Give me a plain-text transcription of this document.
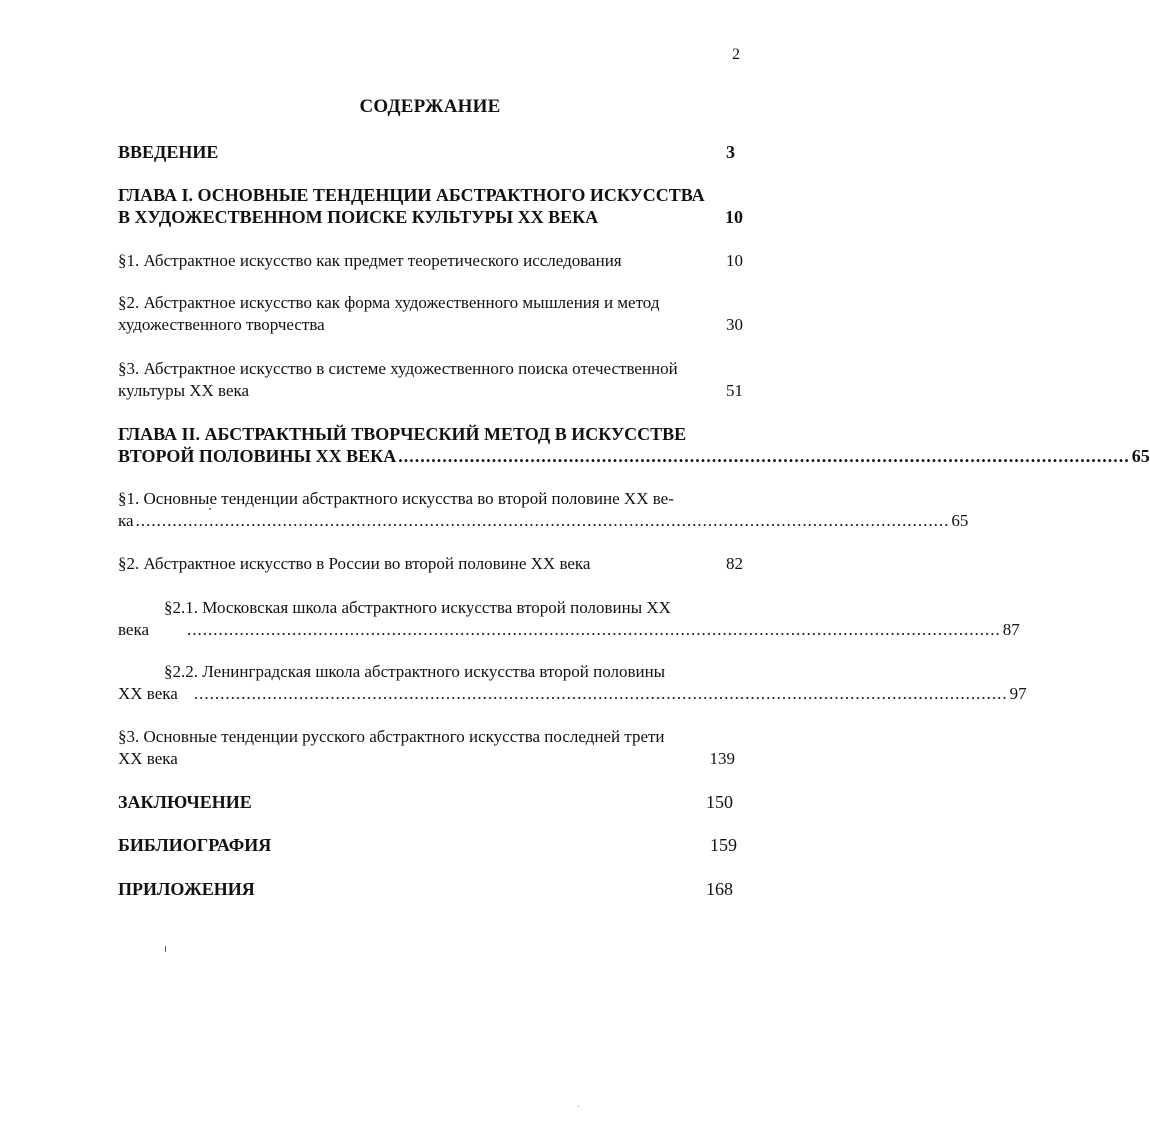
2
СОДЕРЖАНИЕ
ВВЕДЕНИЕ	3
ГЛАВА I. ОСНОВНЫЕ ТЕНДЕНЦИИ АБСТРАКТНОГО ИСКУССТВА
В ХУДОЖЕСТВЕННОМ ПОИСКЕ КУЛЬТУРЫ XX ВЕКА	10
§1. Абстрактное искусство как предмет теоретического исследования	10
§2. Абстрактное искусство как форма художественного мышления и метод
художественного творчества	30
§3. Абстрактное искусство в системе художественного поиска отечественной
культуры XX века	51
ГЛАВА II. АБСТРАКТНЫЙ ТВОРЧЕСКИЙ МЕТОД В ИСКУССТВЕ
ВТОРОЙ ПОЛОВИНЫ XX ВЕКА ..................................................................................................................................... 65
§1. Основные тенденции абстрактного искусства во второй половине XX ве-
ка ........................................................................................................................................................... 65
§2. Абстрактное искусство в России во второй половине XX века	82
§2.1. Московская школа абстрактного искусства второй половины XX
века ........................................................................................................................................................... 87
§2.2. Ленинградская школа абстрактного искусства второй половины
XX века ........................................................................................................................................................... 97
§3. Основные тенденции русского абстрактного искусства последней трети
XX века	139
ЗАКЛЮЧЕНИЕ	150
БИБЛИОГРАФИЯ	159
ПРИЛОЖЕНИЯ	168
